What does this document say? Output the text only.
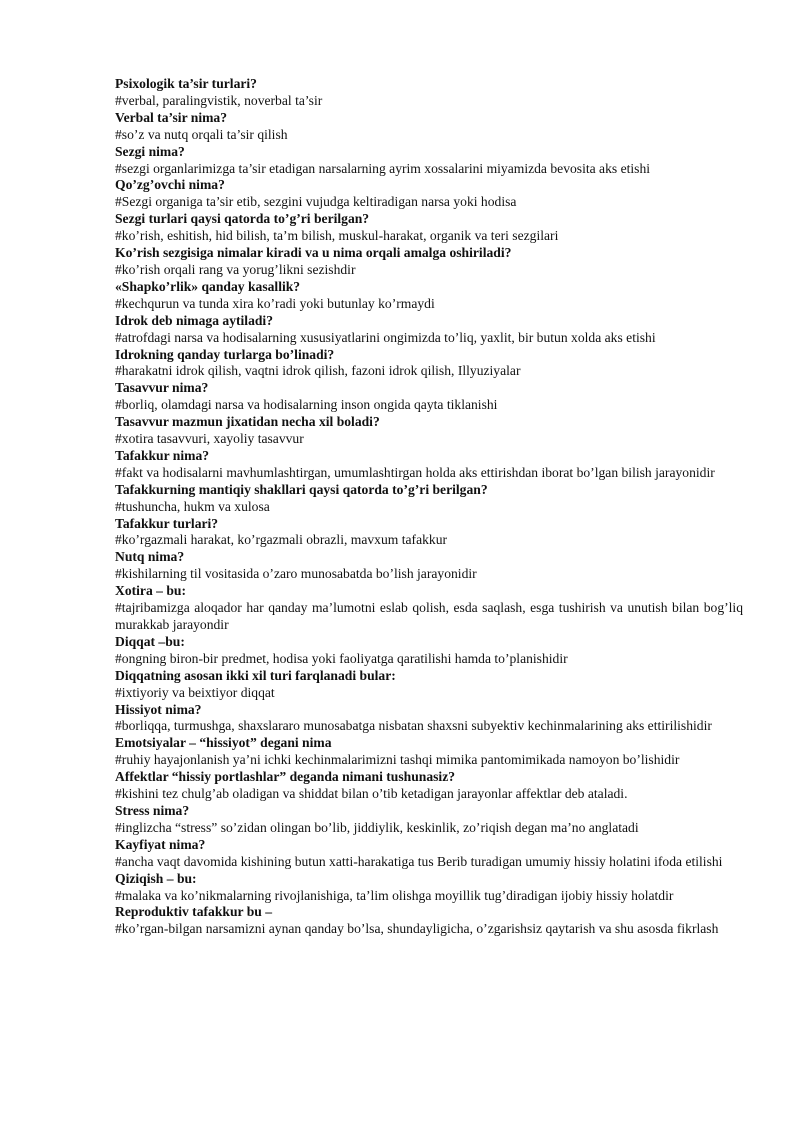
Psixologik ta’sir turlari?

#verbal, paralingvistik, noverbal ta’sir

Verbal ta’sir nima?

#so’z va nutq orqali ta’sir qilish

Sezgi nima?

#sezgi organlarimizga ta’sir etadigan narsalarning ayrim xossalarini miyamizda bevosita aks etishi

Qo’zg’ovchi nima?

#Sezgi organiga ta’sir etib, sezgini vujudga keltiradigan narsa yoki hodisa

Sezgi turlari qaysi qatorda to’g’ri berilgan?

#ko’rish, eshitish, hid bilish, ta’m bilish, muskul-harakat, organik va teri sezgilari

Ko’rish sezgisiga nimalar kiradi va u nima orqali amalga oshiriladi?

#ko’rish orqali rang va yorug’likni sezishdir

«Shapko’rlik» qanday kasallik?

#kechqurun va tunda xira ko’radi yoki butunlay ko’rmaydi

Idrok deb nimaga aytiladi?

#atrofdagi narsa va hodisalarning xususiyatlarini ongimizda to’liq, yaxlit, bir butun xolda aks etishi

Idrokning qanday turlarga bo’linadi?

#harakatni idrok qilish, vaqtni idrok qilish, fazoni idrok qilish, Illyuziyalar

Tasavvur nima?

#borliq, olamdagi narsa va hodisalarning inson ongida qayta tiklanishi

Tasavvur mazmun jixatidan necha xil boladi?

#xotira tasavvuri, xayoliy tasavvur

Tafakkur nima?

#fakt va hodisalarni mavhumlashtirgan, umumlashtirgan holda aks ettirishdan iborat bo’lgan bilish jarayonidir

Tafakkurning mantiqiy shakllari qaysi qatorda to’g’ri berilgan?

#tushuncha, hukm va xulosa

Tafakkur turlari?

#ko’rgazmali harakat, ko’rgazmali obrazli, mavxum tafakkur

Nutq nima?

#kishilarning til vositasida o’zaro munosabatda bo’lish jarayonidir

Xotira – bu:

#tajribamizga aloqador har qanday ma’lumotni eslab qolish, esda saqlash, esga tushirish va unutish bilan bog’liq murakkab jarayondir

Diqqat –bu:

#ongning biron-bir predmet, hodisa yoki faoliyatga qaratilishi hamda to’planishidir

Diqqatning asosan ikki xil turi farqlanadi bular:

#ixtiyoriy va beixtiyor diqqat

Hissiyot nima?

#borliqqa, turmushga, shaxslararo munosabatga nisbatan shaxsni subyektiv kechinmalarining aks ettirilishidir

Emotsiyalar – “hissiyot” degani nima

#ruhiy hayajonlanish ya’ni ichki kechinmalarimizni tashqi mimika pantomimikada namoyon bo’lishidir

Affektlar “hissiy portlashlar” deganda nimani tushunasiz?

#kishini tez chulg’ab oladigan va shiddat bilan o’tib ketadigan jarayonlar affektlar deb ataladi.

Stress nima?

#inglizcha “stress” so’zidan olingan bo’lib, jiddiylik, keskinlik, zo’riqish degan ma’no anglatadi

Kayfiyat nima?

#ancha vaqt davomida kishining butun xatti-harakatiga tus Berib turadigan umumiy hissiy holatini ifoda etilishi

Qiziqish – bu:

#malaka va ko’nikmalarning rivojlanishiga, ta’lim olishga moyillik tug’diradigan ijobiy hissiy holatdir

Reproduktiv tafakkur bu –

#ko’rgan-bilgan narsamizni aynan qanday bo’lsa, shundayligicha, o’zgarishsiz qaytarish va shu asosda fikrlash
